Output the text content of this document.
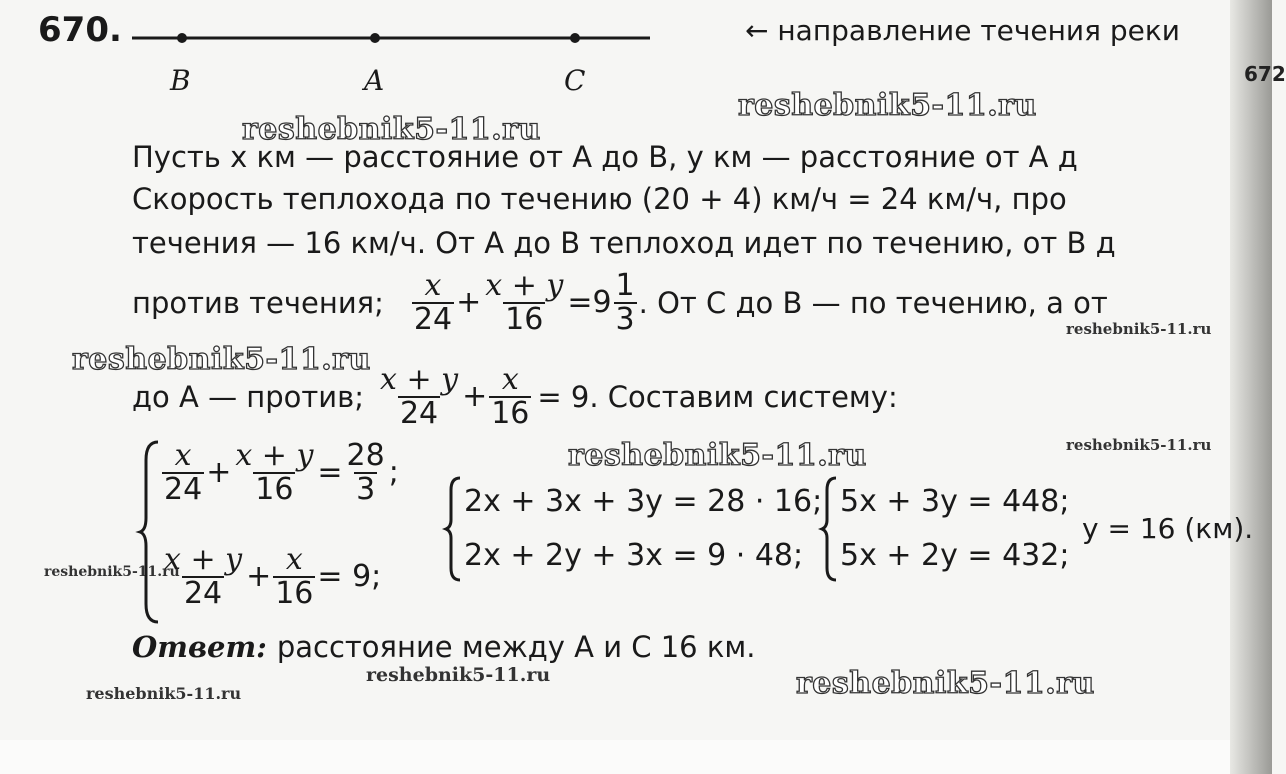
672
670.
B	A	C
← направление течения реки
reshebnik5-11.ru
reshebnik5-11.ru
reshebnik5-11.ru
reshebnik5-11.ru
reshebnik5-11.ru
reshebnik5-11.ru
reshebnik5-11.ru
reshebnik5-11.ru
reshebnik5-11.ru
reshebnik5-11.ru
Пусть x км — расстояние от A до B, y км — расстояние от A д
Скорость теплохода по течению (20 + 4) км/ч = 24 км/ч, про
течения — 16 км/ч. От A до B теплоход идет по течению, от B д
против течения; $\frac{x}{24} + \frac{x + y}{16} = 9 \frac{1}{3}$ . От C до B — по течению, а от
до A — против; $\frac{x + y}{24} + \frac{x}{16} = 9$. Составим систему:
$\frac{x}{24} + \frac{x + y}{16} = \frac{28}{3}$ ;
$\frac{x + y}{24} + \frac{x}{16} = 9$;
2x + 3x + 3y = 28 · 16;
2x + 2y + 3x = 9 · 48;
5x + 3y = 448;
5x + 2y = 432;
y = 16 (км).
Ответ: расстояние между A и C 16 км.
